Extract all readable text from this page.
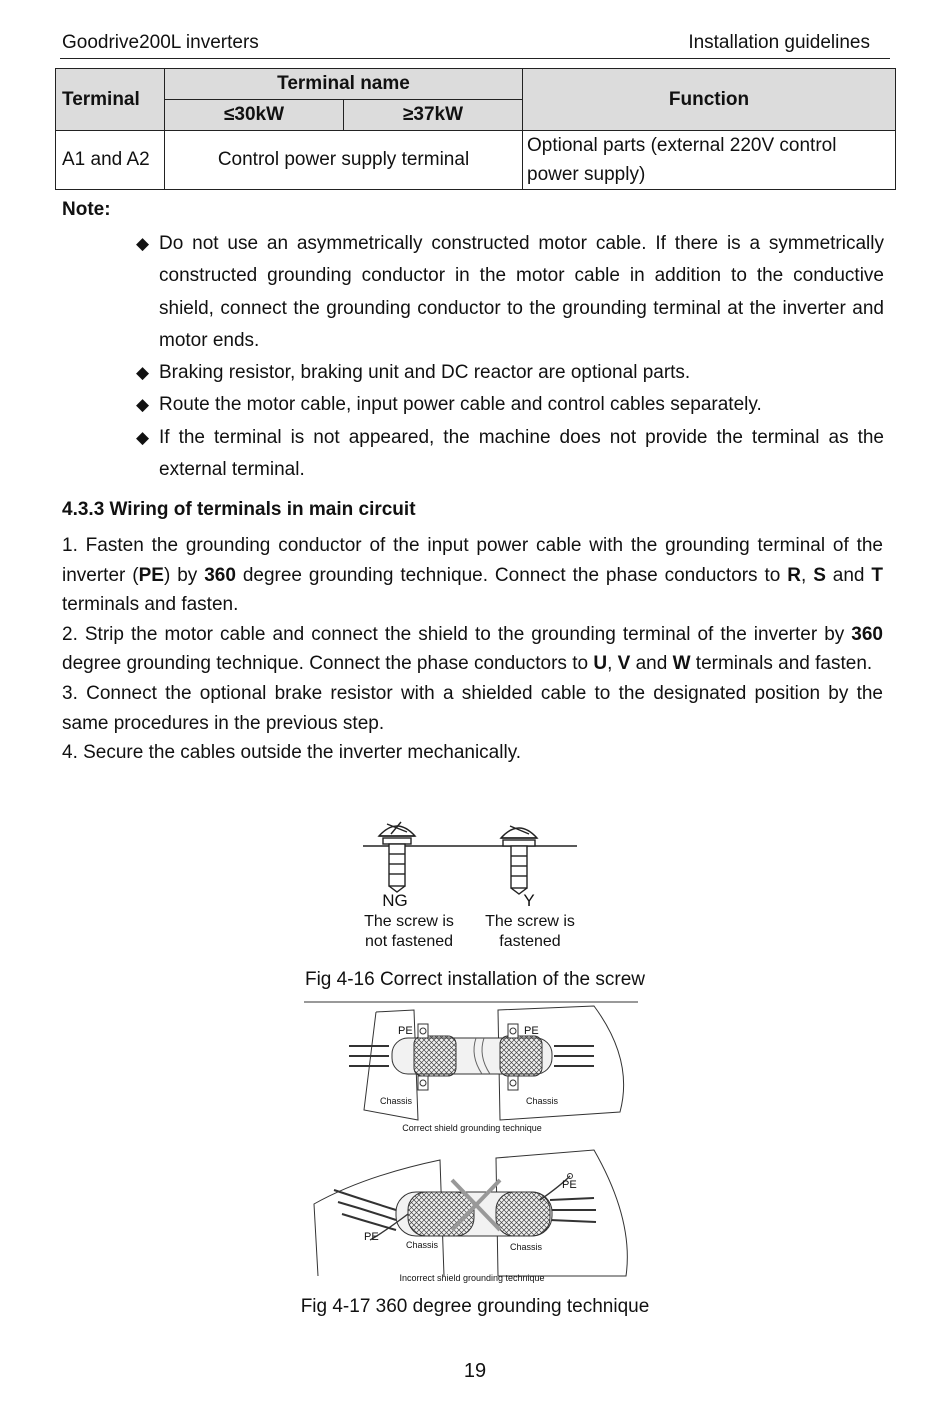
Goodrive200L inverters	Installation guidelines
Terminal	Terminal name		Function
	≤30kW	≥37kW	
A1 and A2	Control power supply terminal		Optional parts (external 220V control
power supply)
Note:
◆ Do not use an asymmetrically constructed motor cable. If there is a symmetrically constructed grounding conductor in the motor cable in addition to the conductive shield, connect the grounding conductor to the grounding terminal at the inverter and motor ends.
◆ Braking resistor, braking unit and DC reactor are optional parts.
◆ Route the motor cable, input power cable and control cables separately.
◆ If the terminal is not appeared, the machine does not provide the terminal as the external terminal.
4.3.3 Wiring of terminals in main circuit

1. Fasten the grounding conductor of the input power cable with the grounding terminal of the inverter (PE) by 360 degree grounding technique. Connect the phase conductors to R, S and T terminals and fasten.

2. Strip the motor cable and connect the shield to the grounding terminal of the inverter by 360 degree grounding technique. Connect the phase conductors to U, V and W terminals and fasten.

3. Connect the optional brake resistor with a shielded cable to the designated position by the same procedures in the previous step.

4. Secure the cables outside the inverter mechanically.

NG	Y
The screw is
not fastened
The screw is
fastened
Fig 4-16 Correct installation of the screw
PE	PE
Chassis	Chassis
Correct shield grounding technique
PE
PE
Chassis	Chassis
Incorrect shield grounding technique
Fig 4-17 360 degree grounding technique
19
